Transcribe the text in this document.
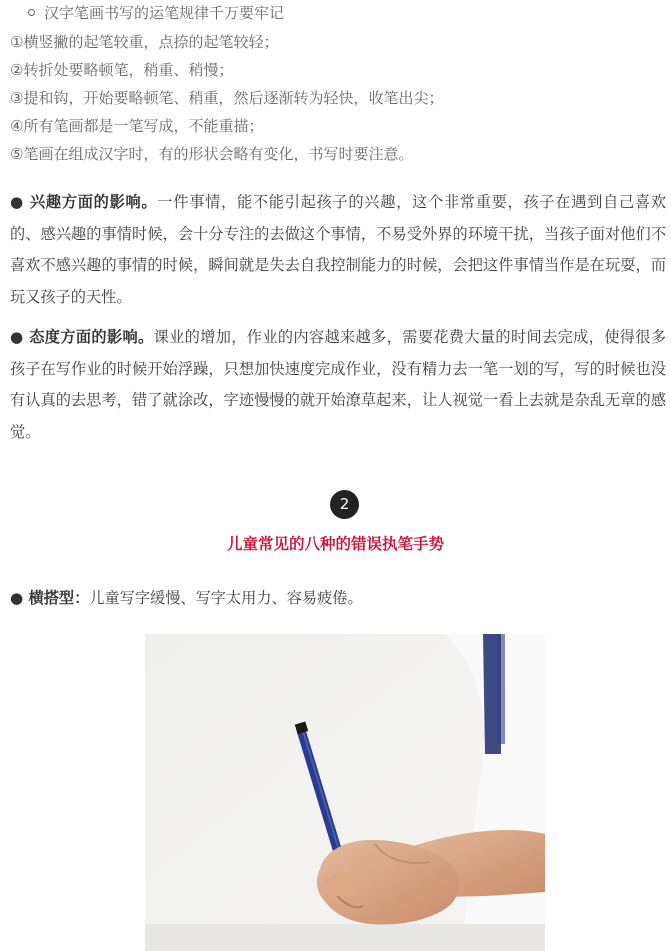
汉字笔画书写的运笔规律千万要牢记
①横竖撇的起笔较重，点捺的起笔较轻；
②转折处要略顿笔，稍重、稍慢；
③提和钩，开始要略顿笔、稍重，然后逐渐转为轻快，收笔出尖；
④所有笔画都是一笔写成，不能重描；
⑤笔画在组成汉字时，有的形状会略有变化，书写时要注意。
● 兴趣方面的影响。一件事情，能不能引起孩子的兴趣，这个非常重要，孩子在遇到自己喜欢的、感兴趣的事情时候，会十分专注的去做这个事情，不易受外界的环境干扰，当孩子面对他们不喜欢不感兴趣的事情的时候，瞬间就是失去自我控制能力的时候，会把这件事情当作是在玩耍，而玩又孩子的天性。
● 态度方面的影响。课业的增加，作业的内容越来越多，需要花费大量的时间去完成，使得很多孩子在写作业的时候开始浮躁，只想加快速度完成作业，没有精力去一笔一划的写，写的时候也没有认真的去思考，错了就涂改，字迹慢慢的就开始潦草起来，让人视觉一看上去就是杂乱无章的感觉。
2
儿童常见的八种的错误执笔手势
● 横搭型：儿童写字缓慢、写字太用力、容易疲倦。
